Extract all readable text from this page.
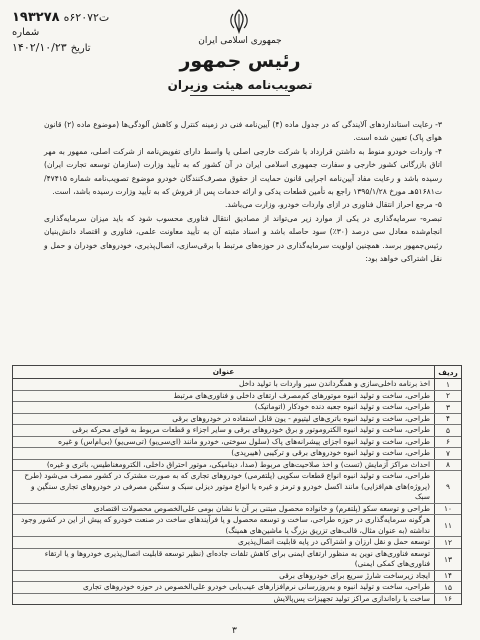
۱۹۳۲۷۸ ت۶۲۰۷۲ه
شماره
تاریخ
۱۴۰۲/۱۰/۲۳	جمهوری اسلامی ایران
رئیس جمهور
تصویب‌نامه هیئت وزیران

۳- رعایت استانداردهای آلایندگی که در جدول ماده (۴) آیین‌نامه فنی در زمینه کنترل و کاهش آلودگی‌ها (موضوع ماده (۲) قانون هوای پاک) تعیین شده است.

۴- واردات خودرو منوط به داشتن قرارداد با شرکت خارجی اصلی یا واسط دارای تفویض‌نامه از شرکت اصلی، ممهور به مهر اتاق بازرگانی کشور خارجی و سفارت جمهوری اسلامی ایران در آن کشور که به تأیید وزارت (سازمان توسعه تجارت ایران) رسیده باشد و رعایت مفاد آیین‌نامه اجرایی قانون حمایت از حقوق مصرف‌کنندگان خودرو موضوع تصویب‌نامه شماره ۴۷۴۱۵/ت۵۱۶۸۱هـ مورخ ۱۳۹۵/۱/۲۸ راجع به تأمین قطعات یدکی و ارائه خدمات پس از فروش که به تأیید وزارت رسیده باشد، است.

۵- مرجع احراز انتقال فناوری در ازای واردات خودرو، وزارت می‌باشد.

تبصره- سرمایه‌گذاری در یکی از موارد زیر می‌تواند از مصادیق انتقال فناوری محسوب شود که باید میزان سرمایه‌گذاری انجام‌شده معادل سی درصد (۳۰٪) سود حاصله باشد و اسناد مثبته آن به تأیید معاونت علمی، فناوری و اقتصاد دانش‌بنیان رئیس‌جمهور برسد. همچنین اولویت سرمایه‌گذاری در حوزه‌های مرتبط با برقی‌سازی، اتصال‌پذیری، خودروهای خودران و حمل و نقل اشتراکی خواهد بود:

ردیف
عنوان
۱
اخذ برنامه داخلی‌سازی و همگرداندن سیر واردات با تولید داخل
۲
طراحی، ساخت و تولید انبوه موتورهای کم‌مصرف ارتقای داخلی و فناوری‌های مرتبط
۳
طراحی، ساخت و تولید انبوه جعبه دنده خودکار (اتوماتیک)
۴
طراحی، ساخت و تولید انبوه باتری‌های لیتیوم - یون قابل استفاده در خودروهای برقی
۵
طراحی، ساخت و تولید انبوه الکتروموتور و برق خودروهای برقی و سایر اجزاء و قطعات مربوط به قوای محرکه برقی
۶
طراحی، ساخت و تولید انبوه اجزای پیشرانه‌های پاک (سلول سوختی، خودرو مانند (ای‌سی‌یو) (تی‌سی‌یو) (بی‌ام‌اس) و غیره
۷
طراحی، ساخت و تولید انبوه خودروهای برقی و ترکیبی (هیبریدی)
۸
احداث مراکز آزمایش (تست) و اخذ صلاحیت‌های مربوط (صدا، دینامیکی، موتور احتراق داخلی، الکترومغناطیس، باتری و غیره)
۹
طراحی، ساخت و تولید انبوه انواع قطعات سکویی (پلتفرمی) خودروهای تجاری که به صورت مشترک در کشور مصرف می‌شود (طرح (پروژه)های هم‌افزایی) مانند اکسل خودرو و ترمز و غیره یا انواع موتور دیزلی سبک و سنگین مصرفی در خودروهای تجاری سنگین و سبک
۱۰
طراحی و توسعه سکو (پلتفرم) و خانواده محصول مبتنی بر آن با نشان بومی علی‌الخصوص محصولات اقتصادی
۱۱
هرگونه سرمایه‌گذاری در حوزه طراحی، ساخت و توسعه محصول و یا فرآیندهای ساخت در صنعت خودرو که پیش از این در کشور وجود نداشته (به عنوان مثال، قالب‌های تزریق بزرگ یا ماشین‌های همینگ)
۱۲
توسعه حمل و نقل ارزان و اشتراکی در پایه قابلیت اتصال‌پذیری
۱۳
توسعه فناوری‌های نوین به منظور ارتقای ایمنی برای کاهش تلفات جاده‌ای (نظیر توسعه قابلیت اتصال‌پذیری خودروها و یا ارتقاء فناوری‌های کمکی ایمنی)
۱۴
ایجاد زیرساخت شارژ سریع برای خودروهای برقی
۱۵
طراحی، ساخت و تولید انبوه و به‌روزرسانی نرم‌افزارهای عیب‌یابی خودرو علی‌الخصوص در حوزه خودروهای تجاری
۱۶
ساخت یا راه‌اندازی مراکز تولید تجهیزات پس‌پالایش
۳
